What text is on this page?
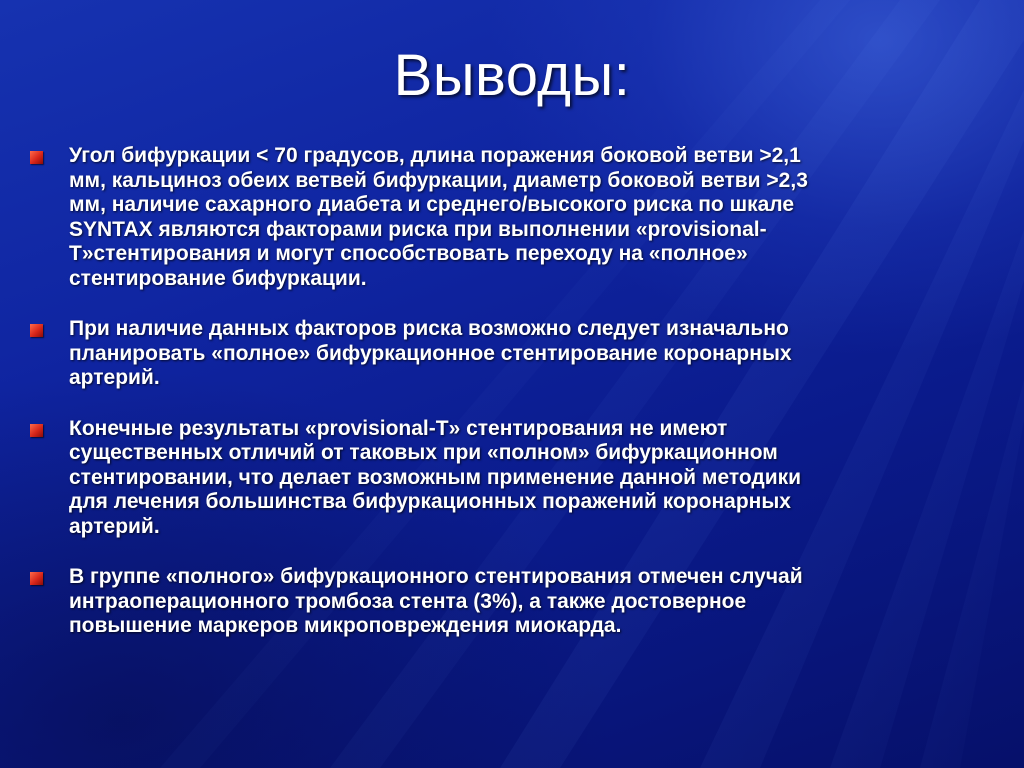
Выводы:
Угол бифуркации < 70 градусов, длина поражения боковой ветви >2,1
мм, кальциноз обеих ветвей бифуркации, диаметр боковой ветви >2,3
мм, наличие сахарного диабета и среднего/высокого риска по шкале
SYNTAX являются факторами риска при выполнении «provisional-
T»стентирования и могут способствовать переходу на «полное»
стентирование бифуркации.
При наличие данных факторов риска возможно следует изначально
планировать «полное» бифуркационное стентирование коронарных
артерий.
Конечные результаты «provisional-T» стентирования не имеют
существенных отличий от таковых при «полном» бифуркационном
стентировании, что делает возможным применение данной методики
для лечения большинства бифуркационных поражений коронарных
артерий.
В группе «полного» бифуркационного стентирования отмечен случай
интраоперационного тромбоза стента (3%), а также достоверное
повышение маркеров микроповреждения миокарда.
